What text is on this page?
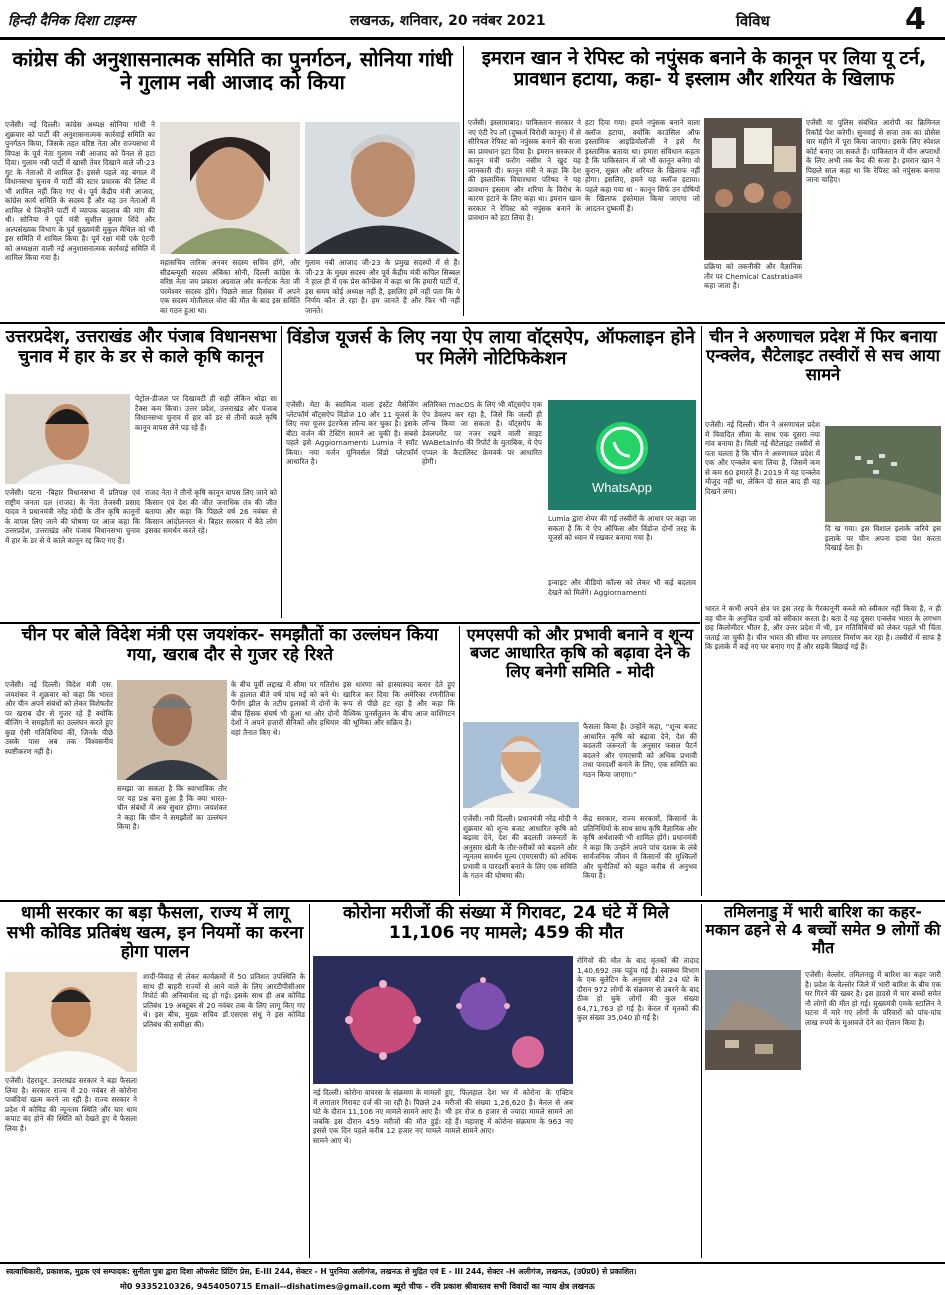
हिन्दी दैनिक दिशा टाइम्स	लखनऊ, शनिवार, 20 नवंबर 2021	विविध	4
कांग्रेस की अनुशासनात्मक समिति का पुनर्गठन, सोनिया गांधी ने गुलाम नबी आजाद को किया
एजेंसी। नई दिल्ली। कांग्रेस अध्यक्ष सोनिया गांधी ने शुक्रवार को पार्टी की अनुशासनात्मक कार्रवाई समिति का पुनर्गठन किया, जिसके तहत वरिष्ठ नेता और राज्यसभा में विपक्ष के पूर्व नेता गुलाम नबी आजाद को पैनल से हटा दिया। गुलाम नबी पार्टी में खासी तेवर दिखाने वाले जी-23 गुट के नेताओं में शामिल हैं। इससे पहले वह बंगाल में विधानसभा चुनाव में पार्टी की स्टार प्रचारक की लिस्ट में भी शामिल नहीं किए गए थे। पूर्व केंद्रीय मंत्री आजाद, कांग्रेस कार्य समिति के सदस्य हैं और वह उन नेताओं में शामिल थे जिन्होंने पार्टी में व्यापक बदलाव की मांग की थी। सोनिया ने पूर्व मंत्री सुशील कुमार शिंदे और अल्पसंख्यक विभाग के पूर्व मुख्यमंत्री मुकुल मैथिल को भी इस समिति में शामिल किया है। पूर्व रक्षा मंत्री एके एंटनी को अध्यक्षता वाली नई अनुशासनात्मक कार्रवाई समिति में शामिल किया गया है।
महासचिव तारिक अनवर सदस्य सचिव होंगे, और सीडब्ल्यूसी सदस्य अंबिका सोनी, दिल्ली कांग्रेस के वरिष्ठ नेता जय प्रकाश अग्रवाल और कर्नाटक नेता जी परमेश्वर सदस्य होंगे। पिछले साल दिसंबर में अपने एक सदस्य मोतीलाल वोरा की मौत के बाद इस समिति का गठन हुआ था।
गुलाम नबी आजाद जी-23 के प्रमुख सदस्यों में से हैं। जी-23 के मुख्य सदस्य और पूर्व केंद्रीय मंत्री कपिल सिब्बल ने हाल ही में एक प्रेस कॉन्फ्रेंस में कहा था कि हमारी पार्टी में, इस समय कोई अध्यक्ष नहीं है, इसलिए हमें नहीं पता कि ये निर्णय कौन ले रहा है। हम जानते हैं और फिर भी नहीं जानते।
इमरान खान ने रेपिस्ट को नपुंसक बनाने के कानून पर लिया यू टर्न, प्रावधान हटाया, कहा- ये इस्लाम और शरियत के खिलाफ
एजेंसी। इस्लामाबाद। पाकिस्तान सरकार ने नए एंटी रेप लॉ (दुष्कर्म विरोधी कानून) में से सीरियल रेपिस्ट को नपुंसक बनाने की सजा का प्रावधान हटा दिया है। इमरान सरकार में कानून मंत्री फरोग नसीम ने खुद यह जानकारी दी। कानून मंत्री ने कहा कि देश की इस्लामिक विचारधारा परिषद ने यह प्रावधान इस्लाम और शरिया के विरोध के कारण हटाने के लिए कहा था। इमरान खान सरकार ने रेपिस्ट को नपुंसक बनाने के प्रावधान को हटा लिया है।
हटा दिया गया। हमने नपुंसक बनाने वाला क्लॉज हटाया, क्योंकि काउंसिल ऑफ इस्लामिक आइडियोलॉजी ने इसे गैर इस्लामिक बताया था। हमारा संविधान कहता है कि पाकिस्तान में जो भी कानून बनेगा वो कुरान, सुन्नत और शरियत के खिलाफ नहीं होगा। इसलिए, हमने यह क्लॉज हटाया। पहले कहा गया था - कानून सिर्फ उन दोषियों के खिलाफ इस्तेमाल किया जाएगा जो आदतन दुष्कर्मी हैं।
प्रक्रिया को तकनीकी और वैज्ञानिक तौर पर Chemical Castratiaवन कहा जाता है।
एजेंसी या पुलिस संबंधित आरोपी का क्रिमिनल रिकॉर्ड पेश करेगी। सुनवाई से सजा तक का प्रोसेस चार महीने में पूरा किया जाएगा। इसके लिए स्पेशल कोर्ट बनाए जा सकते हैं। पाकिस्तान में यौन अपराधों के लिए अभी तक कैद की सजा है। इमरान खान ने पिछले साल कहा था कि रेपिस्ट को नपुंसक बनाया जाना चाहिए।
उत्तरप्रदेश, उत्तराखंड और पंजाब विधानसभा चुनाव में हार के डर से काले कृषि कानून
पेट्रोल-डीजल पर दिखावटी ही सही लेकिन थोड़ा सा टैक्स कम किया। उत्तर प्रदेश, उत्तराखंड और पंजाब विधानसभा चुनाव में हार को डर से तीनों काले कृषि कानून वापस लेने पड़ रहे हैं।
एजेंसी। पटना -बिहार विधानसभा में प्रतिपक्ष एवं राष्ट्रीय जनता दल (राजद) के नेता तेजस्वी प्रसाद यादव ने प्रधानमंत्री नरेंद्र मोदी के तीन कृषि कानूनों के वापस लिए जाने की घोषणा पर आज कहा कि उत्तरप्रदेश, उत्तराखंड और पंजाब विधानसभा चुनाव में हार के डर से ये काले कानून रद्द किए गए हैं।
राजद नेता ने तीनों कृषि कानून वापस लिए जाने को किसान एवं देश की जीत जनाधिक तंत्र की जीत बताया और कहा कि पिछले वर्ष 26 नवंबर से किसान आंदोलनरत थे। बिहार सरकार में बैठे लोग इसका समर्थन करते रहे।
विंडोज यूजर्स के लिए नया ऐप लाया वॉट्सऐप, ऑफलाइन होने पर मिलेंगे नोटिफिकेशन
एजेंसी। मेटा के स्वामित्व वाला इंस्टेंट मैसेजिंग प्लेटफॉर्म वॉट्सऐप विंडोज 10 और 11 यूजर्स के लिए नया यूजर इंटरफेस लॉन्च कर चुका है। इसके बीटा वर्जन की टेस्टिंग सामने आ चुकी है। सबसे पहले इसे Aggiornamenti Lumia ने स्पॉट किया। नया वर्जन यूनिवर्सल विंडो प्लेटफॉर्म आधारित है।
अतिरिक्त macOS के लिए भी वॉट्सऐप एक ऐप डेवलप कर रहा है, जिसे कि जल्दी ही लॉन्च किया जा सकता है। वॉट्सऐप के डेवलपमेंट पर नजर रखने वाली साइट WABetaInfo की रिपोर्ट के मुताबिक, ये ऐप एप्पल के कैटालिस्ट फ्रेमवर्क पर आधारित होगी।
WhatsApp
Lumia द्वारा शेयर की गई तस्वीरों के आधार पर कहा जा सकता है कि ये ऐप ऑफिस और विंडोज दोनों तरह के यूजर्स को ध्यान में रखकर बनाया गया है।
इन्वाइट और वीडियो कॉल्स को लेकर भी कई बदलाव देखने को मिलेंगे। Aggiornamenti
चीन ने अरुणाचल प्रदेश में फिर बनाया एन्क्लेव, सैटेलाइट तस्वीरों से सच आया सामने
एजेंसी। नई दिल्ली। चीन ने अरुणाचल प्रदेश में विवादित सीमा के साथ एक दूसरा नया गांव बनाया है। मिली नई सैटेलाइट तस्वीरों से पता चलता है कि चीन ने अरुणाचल प्रदेश में एक और एन्क्लेव बना लिया है, जिसमें कम से कम 60 इमारतें हैं। 2019 में यह एन्क्लेव मौजूद नहीं था, लेकिन दो साल बाद ही यह दिखने लगा।
दि ख गया। इस विशाल इलाके जरिये इस इलाके पर चीन अपना दावा पेश करता दिखाई देता है।
भारत ने कभी अपने क्षेत्र पर इस तरह के गैरकानूनी कब्जे को स्वीकार नहीं किया है, न ही वह चीन के अनुचित दावों को स्वीकार करता है। बता दें यह दूसरा एन्क्लेव भारत के लगभग छह किलोमीटर भीतर है, और उत्तर प्रदेश में भी, इन गतिविधियों को लेकर पहले भी चिंता जताई जा चुकी है। चीन भारत की सीमा पर लगातार निर्माण कर रहा है। तस्वीरों में साफ है कि इलाके में कई नए घर बनाए गए हैं और सड़कें बिछाई गई हैं।
चीन पर बोले विदेश मंत्री एस जयशंकर- समझौतों का उल्लंघन किया गया, खराब दौर से गुजर रहे रिश्ते
एजेंसी। नई दिल्ली। विदेश मंत्री एस. जयशंकर ने शुक्रवार को कहा कि भारत और चीन अपने संबंधों को लेकर विशेषतौर पर खराब दौर से गुजर रहे हैं क्योंकि बीजिंग ने समझौतों का उल्लंघन करते हुए कुछ ऐसी गतिविधियां कीं, जिनके पीछे उसके पास अब तक विश्वसनीय स्पष्टीकरण नहीं है।
समझा जा सकता है कि स्वाभाविक तौर पर यह प्रश्न बना हुआ है कि क्या भारत-चीन संबंधों में अब सुधार होगा। जयशंकर ने कहा कि चीन ने समझौतों का उल्लंघन किया है।
के बीच पूर्वी लद्दाख में सीमा पर गतिरोध के हालात बीते वर्ष पांच मई को बने थे। पैंगोंग झील के तटीय इलाकों में दोनों के बीच हिंसक संघर्ष भी हुआ था और दोनों देशों ने अपने हजारों सैनिकों और हथियार वहां तैनात किए थे।
इस धारणा को हास्यास्पद करार देते हुए खारिज कर दिया कि अमेरिका रणनीतिक रूप से पीछे हट रहा है और कहा कि वैश्विक पुनर्संतुलन के बीच आज वाशिंगटन की भूमिका और सक्रिय है।
एमएसपी को और प्रभावी बनाने व शून्य बजट आधारित कृषि को बढ़ावा देने के लिए बनेगी समिति - मोदी
फैसला किया है। उन्होंने कहा, “शून्य बजट आधारित कृषि को बढ़ावा देने, देश की बदलती जरूरतों के अनुसार फसल पैटर्न बदलने और एमएसपी को अधिक प्रभावी तथा पारदर्शी बनाने के लिए, एक समिति का गठन किया जाएगा।”
एजेंसी। नयी दिल्ली। प्रधानमंत्री नरेंद्र मोदी ने शुक्रवार को शून्य बजट आधारित कृषि को बढ़ावा देने, देश की बदलती जरूरतों के अनुसार खेती के तौर-तरीकों को बदलने और न्यूनतम समर्थन मूल्य (एमएसपी) को अधिक प्रभावी व पारदर्शी बनाने के लिए एक समिति के गठन की घोषणा की।
केंद्र सरकार, राज्य सरकारों, किसानों के प्रतिनिधियों के साथ साथ कृषि वैज्ञानिक और कृषि अर्थशास्त्री भी शामिल होंगे। प्रधानमंत्री ने कहा कि उन्होंने अपने पांच दशक के लंबे सार्वजनिक जीवन में किसानों की मुश्किलों और चुनौतियों को बहुत करीब से अनुभव किया है।
धामी सरकार का बड़ा फैसला, राज्य में लागू सभी कोविड प्रतिबंध खत्म, इन नियमों का करना होगा पालन
शादी-विवाह से लेकर कार्यक्रमों में 50 प्रतिशत उपस्थिति के साथ ही बाहरी राज्यों से आने वाले के लिए आरटीपीसीआर रिपोर्ट की अनिवार्यता रद्द हो गई। इसके साथ ही अब कोविड प्रतिबंध 19 अक्टूबर से 20 नवंबर तक के लिए लागू किए गए थे। इस बीच, मुख्य सचिव डॉ.एसएस संधु ने इस कोविड प्रतिबंध की समीक्षा की।
एजेंसी। देहरादून. उत्तराखंड सरकार ने बड़ा फैसला लिया है। सरकार राज्य में 20 नवंबर से कोरोना पाबंदियां खत्म करने जा रही है। राज्य सरकार ने प्रदेश में कोविड की न्यूनतम स्थिति और चार धाम कपाट बंद होने की स्थिति को देखते हुए ये फैसला लिया है।
कोरोना मरीजों की संख्या में गिरावट, 24 घंटे में मिले 11,106 नए मामले; 459 की मौत
नई दिल्ली। कोरोना वायरस के संक्रमण के मामलों में लगातार गिरावट दर्ज की जा रही है। पिछले 24 घंटे के दौरान 11,106 नए मामले सामने आए हैं। जबकि इस दौरान 459 मरीजों की मौत हुई। इससे एक दिन पहले करीब 12 हजार नए मामले सामने आए थे।
हुए, फिलहाल देश भर में कोरोना के एक्टिव मरीजों की संख्या 1,26,620 है। केरल से अब भी हर रोज 6 हजार से ज्यादा मामले सामने आ रहे हैं। महाराष्ट्र में कोरोना संक्रमण के 963 नए मामले सामने आए।
रोगियों की मौत के बाद मृतकों की तादाद 1,40,692 तक पहुंच गई है। स्वास्थ्य विभाग के एक बुलेटिन के अनुसार बीते 24 घंटे के दौरान 972 लोगों के संक्रमण से उबरने के बाद ठीक हो चुके लोगों की कुल संख्या 64,71,763 हो गई है। केरल में मृतकों की कुल संख्या 35,040 हो गई है।
तमिलनाडु में भारी बारिश का कहर- मकान ढहने से 4 बच्चों समेत 9 लोगों की मौत
एजेंसी। वेल्लोर. तमिलनाडु में बारिश का कहर जारी है। प्रदेश के वेल्लोर जिले में भारी बारिश के बीच एक घर गिरने की खबर है। इस हादसे में चार बच्चों समेत नौ लोगों की मौत हो गई। मुख्यमंत्री एमके स्टालिन ने घटना में मारे गए लोगों के परिवारों को पांच-पांच लाख रुपये के मुआवजे देने का ऐलान किया है।
स्वत्वाधिकारी, प्रकाशक, मुद्रक एवं सम्पादक: सुनीता पुत्रा द्वारा दिशा ऑफसेट प्रिंटिंग प्रेस, E-III 244, सेक्टर - H पुरनिया अलीगंज, लखनऊ से मुद्रित एवं E - III 244, सेक्टर -H अलीगंज, लखनऊ, (उ0प्र0) से प्रकाशित।
मो0 9335210326, 9454050715 Email--dishatimes@gmail.com ब्यूरो चीफ - रवि प्रकाश श्रीवास्तव सभी विवादों का न्याय क्षेत्र लखनऊ
